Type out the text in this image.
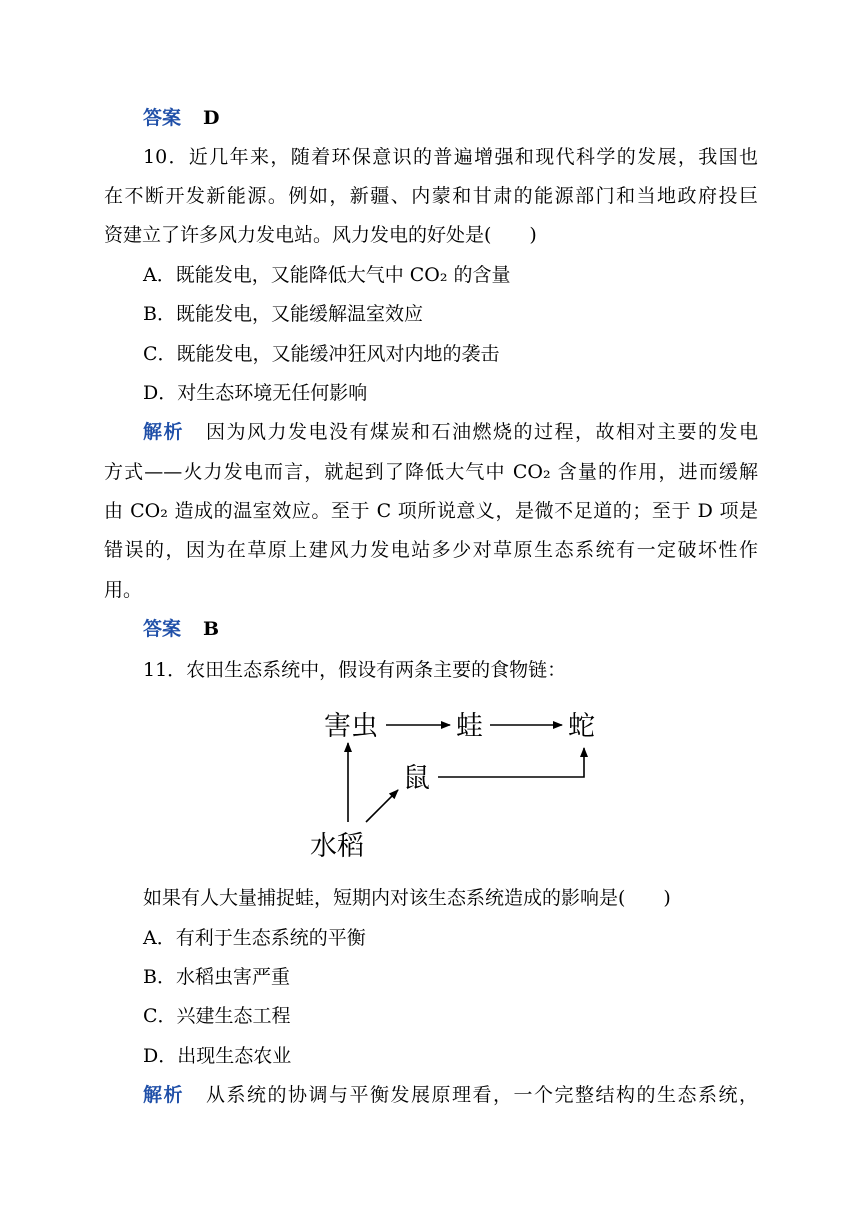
答案 D
10．近几年来，随着环保意识的普遍增强和现代科学的发展，我国也
在不断开发新能源。例如，新疆、内蒙和甘肃的能源部门和当地政府投巨
资建立了许多风力发电站。风力发电的好处是(　　)
A．既能发电，又能降低大气中 CO₂ 的含量
B．既能发电，又能缓解温室效应
C．既能发电，又能缓冲狂风对内地的袭击
D．对生态环境无任何影响
解析 因为风力发电没有煤炭和石油燃烧的过程，故相对主要的发电
方式——火力发电而言，就起到了降低大气中 CO₂ 含量的作用，进而缓解
由 CO₂ 造成的温室效应。至于 C 项所说意义，是微不足道的；至于 D 项是
错误的，因为在草原上建风力发电站多少对草原生态系统有一定破坏性作
用。
答案 B
11．农田生态系统中，假设有两条主要的食物链：
害虫	蛙	蛇
鼠
水稻
如果有人大量捕捉蛙，短期内对该生态系统造成的影响是(　　)
A．有利于生态系统的平衡
B．水稻虫害严重
C．兴建生态工程
D．出现生态农业
解析 从系统的协调与平衡发展原理看，一个完整结构的生态系统，
